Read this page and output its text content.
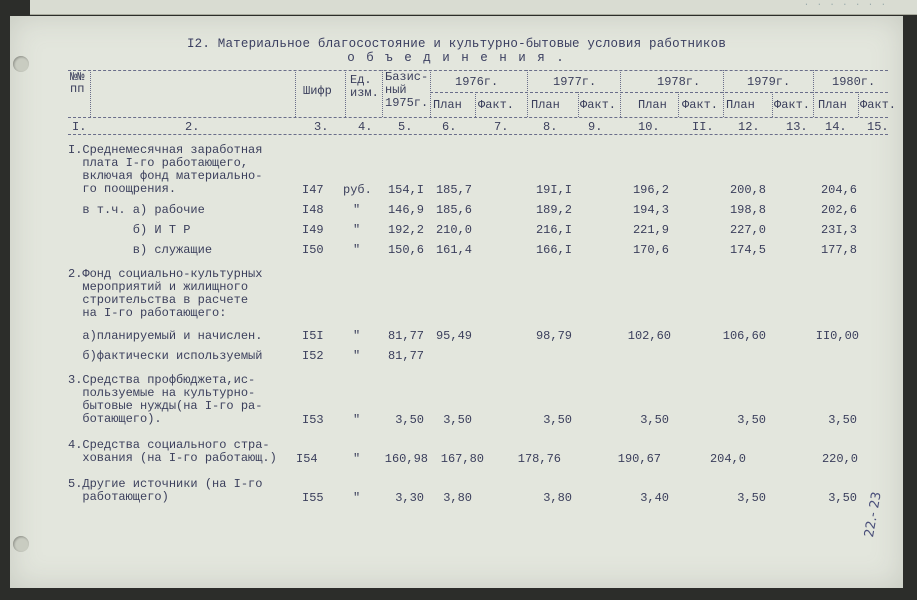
· · · · · · ·
I2. Материальное благосостояние и культурно-бытовые условия работников
о б ъ е д и н е н и я .
№№
пп	Шифр
Ед.
изм.
Базис-
ный
1975г.
1976г.	1977г.	1978г.	1979г.	1980г.
План Факт. План Факт. План Факт. План Факт. План Факт.
I.	2.	3. 4. 5. 6.	7.	8.	9.	10.	II. 12. 13. 14. 15.
I.Среднемесячная заработная
плата I-го работающего,
включая фонд материально-
го поощрения.	I47 руб.	154,I 185,7	19I,I	196,2	200,8	204,6
в т.ч. а) рабочие	I48 "	146,9 185,6	189,2	194,3	198,8	202,6
б) И Т Р	I49 "	192,2 210,0	216,I	221,9	227,0	23I,3
в) служащие	I50 "	150,6 161,4	166,I	170,6	174,5	177,8
2.Фонд социально-культурных
мероприятий и жилищного
строительства в расчете
на I-го работающего:
а)планируемый и начислен.	I5I "	81,77 95,49	98,79	102,60	106,60	II0,00
б)фактически используемый	I52 "	81,77
3.Средства профбюджета,ис-
пользуемые на культурно-
бытовые нужды(на I-го ра-
ботающего).	I53 "	3,50	3,50	3,50	3,50	3,50	3,50
4.Средства социального стра-
хования (на I-го работающ.) I54	"	160,98	167,80	178,76	190,67	204,0	220,0
5.Другие источники (на I-го
работающего)	I55 "	3,30	3,80	3,80	3,40	3,50	3,50 22.- 23
